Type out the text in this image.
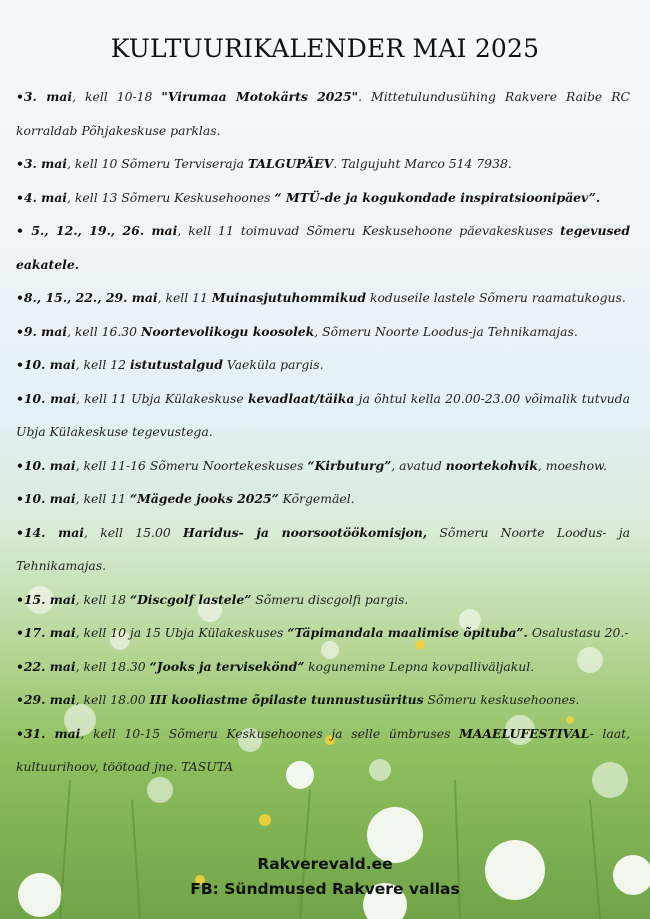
KULTUURIKALENDER MAI 2025

•3. mai, kell 10-18 "Virumaa Motokärts 2025". Mittetulundusühing Rakvere Raibe RC korraldab Põhjakeskuse parklas.

•3. mai, kell 10 Sõmeru Terviseraja TALGUPÄEV. Talgujuht Marco 514 7938.

•4. mai, kell 13 Sõmeru Keskusehoones “ MTÜ-de ja kogukondade inspiratsioonipäev”.

• 5., 12., 19., 26. mai, kell 11 toimuvad Sõmeru Keskusehoone päevakeskuses tegevused eakatele.

•8., 15., 22., 29. mai, kell 11 Muinasjutuhommikud koduseile lastele Sõmeru raamatukogus.

•9. mai, kell 16.30 Noortevolikogu koosolek, Sõmeru Noorte Loodus-ja Tehnikamajas.

•10. mai, kell 12 istutustalgud Vaeküla pargis.

•10. mai, kell 11 Ubja Külakeskuse kevadlaat/täika ja õhtul kella 20.00-23.00 võimalik tutvuda Ubja Külakeskuse tegevustega.

•10. mai, kell 11-16 Sõmeru Noortekeskuses “Kirbuturg”, avatud noortekohvik, moeshow.

•10. mai, kell 11 “Mägede jooks 2025” Kõrgemäel.

•14. mai, kell 15.00 Haridus- ja noorsootöökomisjon, Sõmeru Noorte Loodus- ja Tehnikamajas.

•15. mai, kell 18 “Discgolf lastele” Sõmeru discgolfi pargis.

•17. mai, kell 10 ja 15 Ubja Külakeskuses “Täpimandala maalimise õpituba”. Osalustasu 20.-

•22. mai, kell 18.30 “Jooks ja terviseköndˮ kogunemine Lepna kovpalliväljakul.

•29. mai, kell 18.00 III kooliastme õpilaste tunnustusüritus Sõmeru keskusehoones.

•31. mai, kell 10-15 Sõmeru Keskusehoones ja selle ümbruses MAAELUFESTIVAL- laat, kultuurihoov, töötoad jne. TASUTA

Rakverevald.ee
FB: Sündmused Rakvere vallas
